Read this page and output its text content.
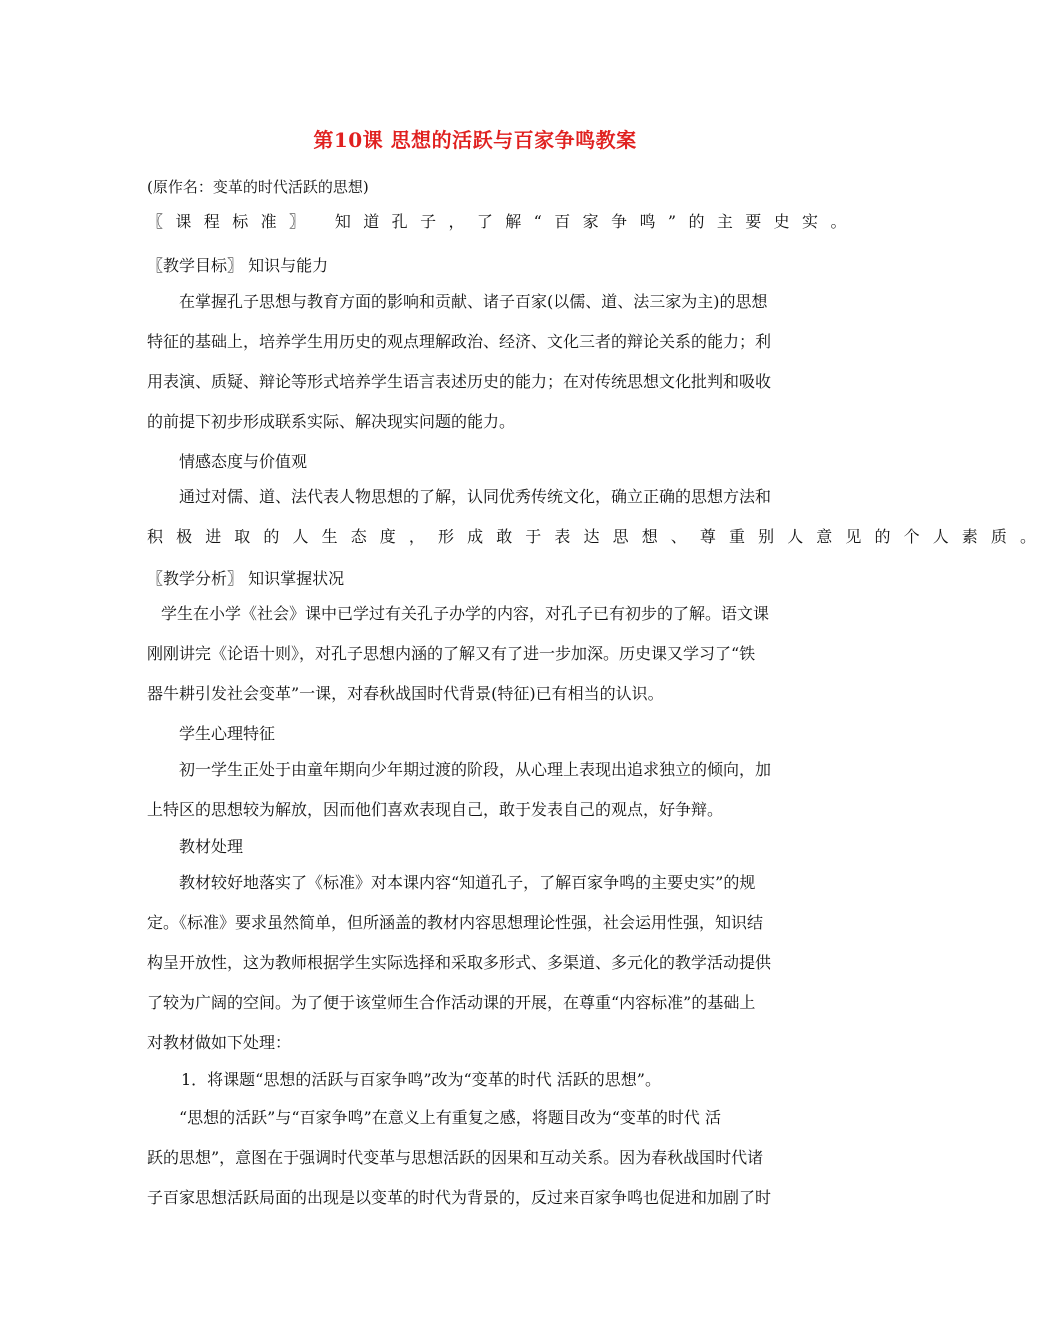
第10课 思想的活跃与百家争鸣教案
(原作名：变革的时代活跃的思想)
〖课程标准〗 知道孔子，了解“百家争鸣”的主要史实。
〖教学目标〗 知识与能力
在掌握孔子思想与教育方面的影响和贡献、诸子百家(以儒、道、法三家为主)的思想
特征的基础上，培养学生用历史的观点理解政治、经济、文化三者的辩论关系的能力；利
用表演、质疑、辩论等形式培养学生语言表述历史的能力；在对传统思想文化批判和吸收
的前提下初步形成联系实际、解决现实问题的能力。
情感态度与价值观
通过对儒、道、法代表人物思想的了解，认同优秀传统文化，确立正确的思想方法和
积极进取的人生态度，形成敢于表达思想、尊重别人意见的个人素质。
〖教学分析〗 知识掌握状况
学生在小学《社会》课中已学过有关孔子办学的内容，对孔子已有初步的了解。语文课
刚刚讲完《论语十则》，对孔子思想内涵的了解又有了进一步加深。历史课又学习了“铁
器牛耕引发社会变革”一课，对春秋战国时代背景(特征)已有相当的认识。
学生心理特征
初一学生正处于由童年期向少年期过渡的阶段，从心理上表现出追求独立的倾向，加
上特区的思想较为解放，因而他们喜欢表现自己，敢于发表自己的观点，好争辩。
教材处理
教材较好地落实了《标准》对本课内容“知道孔子，了解百家争鸣的主要史实”的规
定。《标准》要求虽然简单，但所涵盖的教材内容思想理论性强，社会运用性强，知识结
构呈开放性，这为教师根据学生实际选择和采取多形式、多渠道、多元化的教学活动提供
了较为广阔的空间。为了便于该堂师生合作活动课的开展，在尊重“内容标准”的基础上
对教材做如下处理：
1．将课题“思想的活跃与百家争鸣”改为“变革的时代 活跃的思想”。
“思想的活跃”与“百家争鸣”在意义上有重复之感，将题目改为“变革的时代 活
跃的思想”，意图在于强调时代变革与思想活跃的因果和互动关系。因为春秋战国时代诸
子百家思想活跃局面的出现是以变革的时代为背景的，反过来百家争鸣也促进和加剧了时
